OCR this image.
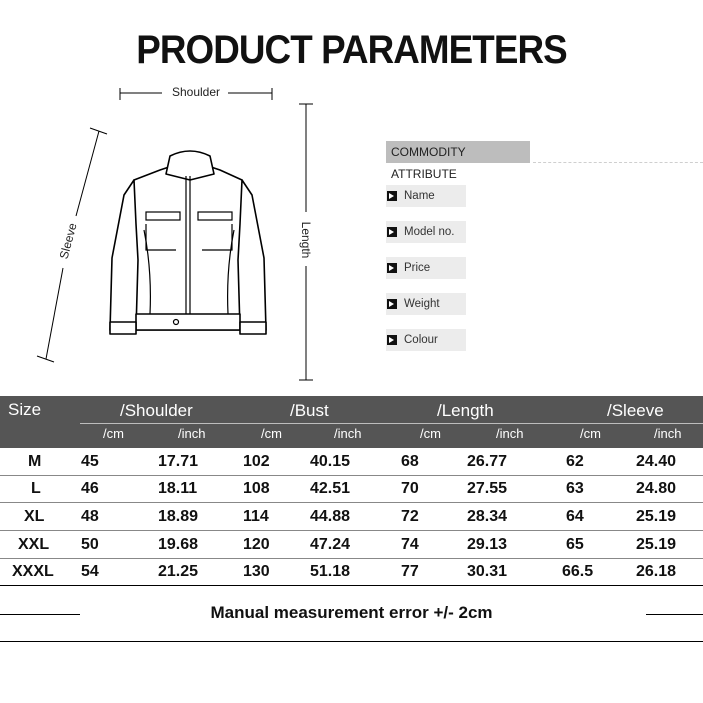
PRODUCT PARAMETERS
Shoulder
Sleeve	Length
COMMODITY ATTRIBUTE
Name
Model no.
Price
Weight
Colour
Size	/Shoulder	/Bust	/Length	/Sleeve
/cm	/inch	/cm	/inch	/cm	/inch	/cm	/inch
M 45	17.71	102	40.15	68	26.77	62	24.40
L	46	18.11	108	42.51	70	27.55	63	24.80
XL 48	18.89	114	44.88	72	28.34	64	25.19
XXL 50	19.68	120	47.24	74	29.13	65	25.19
XXXL 54	21.25	130	51.18	77	30.31	66.5	26.18
Manual measurement error +/- 2cm
